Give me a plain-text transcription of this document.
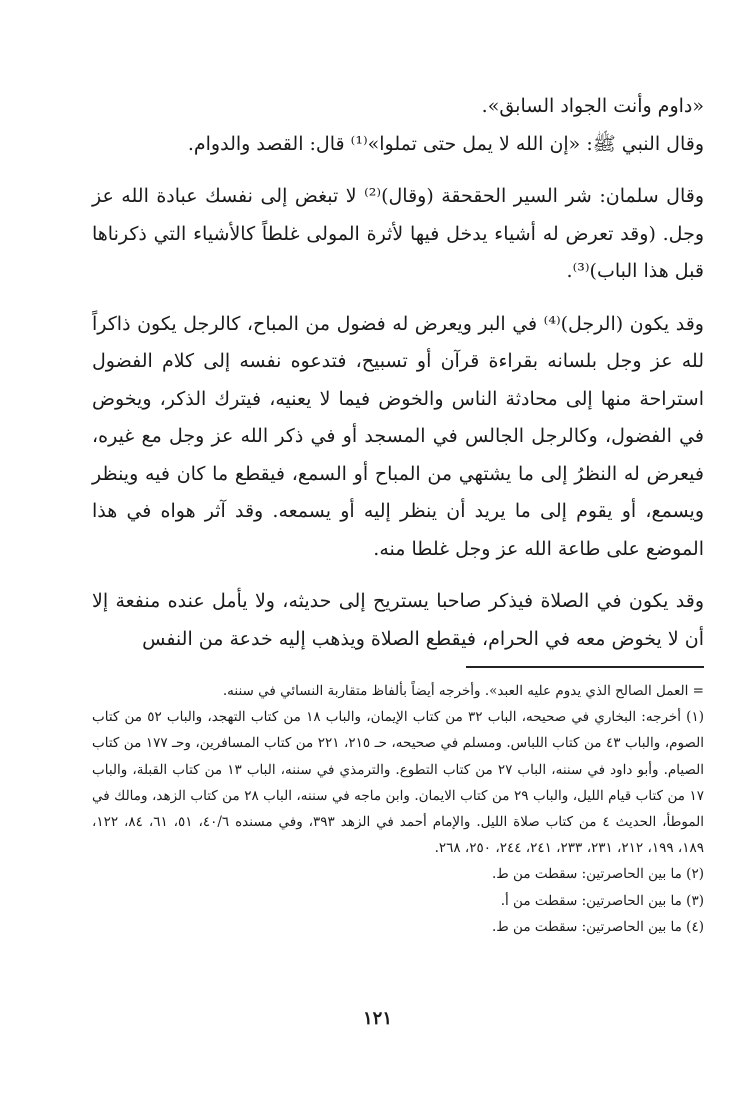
«داوم وأنت الجواد السابق».

وقال النبي ﷺ: «إن الله لا يمل حتى تملوا»⁽¹⁾ قال: القصد والدوام.

وقال سلمان: شر السير الحقحقة (وقال)⁽²⁾ لا تبغض إلى نفسك عبادة الله عز وجل. (وقد تعرض له أشياء يدخل فيها لأثرة المولى غلطاً كالأشياء التي ذكرناها قبل هذا الباب)⁽³⁾.

وقد يكون (الرجل)⁽⁴⁾ في البر ويعرض له فضول من المباح، كالرجل يكون ذاكراً لله عز وجل بلسانه بقراءة قرآن أو تسبيح، فتدعوه نفسه إلى كلام الفضول استراحة منها إلى محادثة الناس والخوض فيما لا يعنيه، فيترك الذكر، ويخوض في الفضول، وكالرجل الجالس في المسجد أو في ذكر الله عز وجل مع غيره، فيعرض له النظرُ إلى ما يشتهي من المباح أو السمع، فيقطع ما كان فيه وينظر ويسمع، أو يقوم إلى ما يريد أن ينظر إليه أو يسمعه. وقد آثر هواه في هذا الموضع على طاعة الله عز وجل غلطا منه.

وقد يكون في الصلاة فيذكر صاحبا يستريح إلى حديثه، ولا يأمل عنده منفعة إلا أن لا يخوض معه في الحرام، فيقطع الصلاة ويذهب إليه خدعة من النفس

= العمل الصالح الذي يدوم عليه العبد». وأخرجه أيضاً بألفاظ متقاربة النسائي في سننه.

(١) أخرجه: البخاري في صحيحه، الباب ٣٢ من كتاب الإيمان، والباب ١٨ من كتاب التهجد، والباب ٥٢ من كتاب الصوم، والباب ٤٣ من كتاب اللباس. ومسلم في صحيحه، حـ ٢١٥، ٢٢١ من كتاب المسافرين، وحـ ١٧٧ من كتاب الصيام. وأبو داود في سننه، الباب ٢٧ من كتاب التطوع. والترمذي في سننه، الباب ١٣ من كتاب القبلة، والباب ١٧ من كتاب قيام الليل، والباب ٢٩ من كتاب الايمان. وابن ماجه في سننه، الباب ٢٨ من كتاب الزهد، ومالك في الموطأ، الحديث ٤ من كتاب صلاة الليل. والإمام أحمد في الزهد ٣٩٣، وفي مسنده ٤٠/٦، ٥١، ٦١، ٨٤، ١٢٢، ١٨٩، ١٩٩، ٢١٢، ٢٣١، ٢٣٣، ٢٤١، ٢٤٤، ٢٥٠، ٢٦٨.

(٢) ما بين الحاصرتين: سقطت من ط.

(٣) ما بين الحاصرتين: سقطت من أ.

(٤) ما بين الحاصرتين: سقطت من ط.

١٢١
